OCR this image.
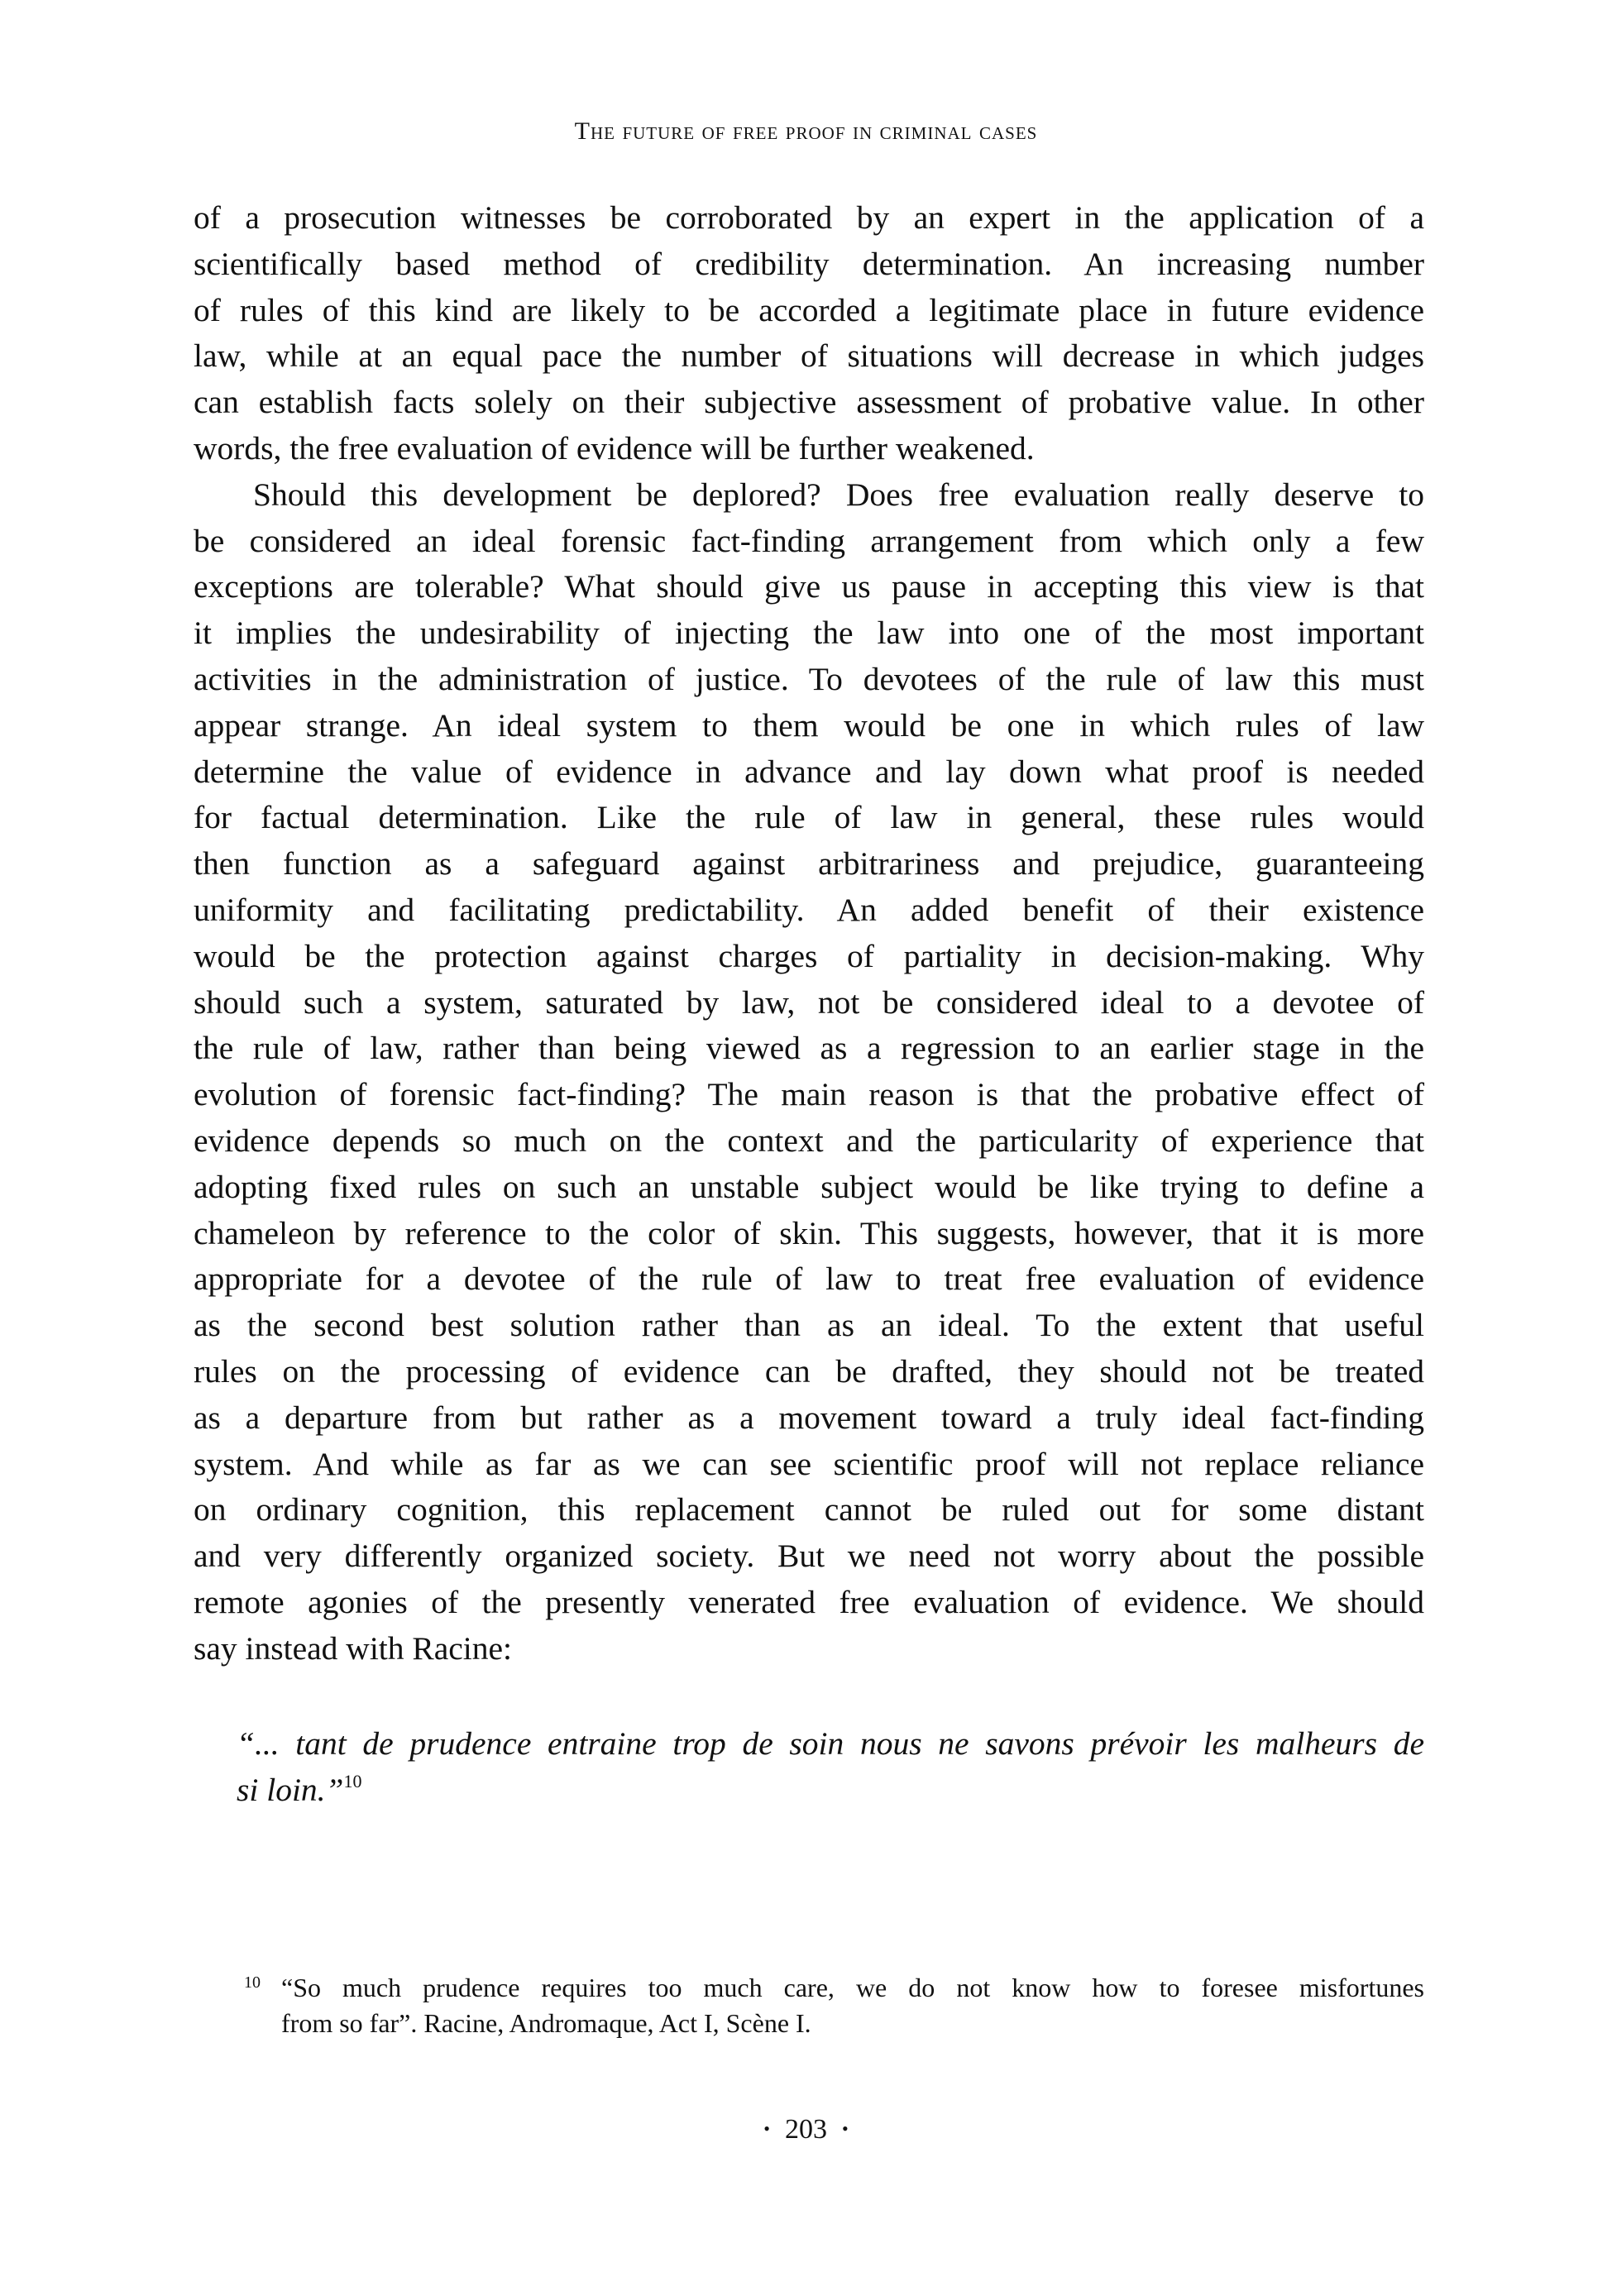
The future of free proof in criminal cases
of a prosecution witnesses be corroborated by an expert in the application of a
scientifically based method of credibility determination. An increasing number
of rules of this kind are likely to be accorded a legitimate place in future evidence
law, while at an equal pace the number of situations will decrease in which judges
can establish facts solely on their subjective assessment of probative value. In other
words, the free evaluation of evidence will be further weakened.
Should this development be deplored? Does free evaluation really deserve to
be considered an ideal forensic fact-finding arrangement from which only a few
exceptions are tolerable? What should give us pause in accepting this view is that
it implies the undesirability of injecting the law into one of the most important
activities in the administration of justice. To devotees of the rule of law this must
appear strange. An ideal system to them would be one in which rules of law
determine the value of evidence in advance and lay down what proof is needed
for factual determination. Like the rule of law in general, these rules would
then function as a safeguard against arbitrariness and prejudice, guaranteeing
uniformity and facilitating predictability. An added benefit of their existence
would be the protection against charges of partiality in decision-making. Why
should such a system, saturated by law, not be considered ideal to a devotee of
the rule of law, rather than being viewed as a regression to an earlier stage in the
evolution of forensic fact-finding? The main reason is that the probative effect of
evidence depends so much on the context and the particularity of experience that
adopting fixed rules on such an unstable subject would be like trying to define a
chameleon by reference to the color of skin. This suggests, however, that it is more
appropriate for a devotee of the rule of law to treat free evaluation of evidence
as the second best solution rather than as an ideal. To the extent that useful
rules on the processing of evidence can be drafted, they should not be treated
as a departure from but rather as a movement toward a truly ideal fact-finding
system. And while as far as we can see scientific proof will not replace reliance
on ordinary cognition, this replacement cannot be ruled out for some distant
and very differently organized society. But we need not worry about the possible
remote agonies of the presently venerated free evaluation of evidence. We should
say instead with Racine:
“... tant de prudence entraine trop de soin nous ne savons prévoir les malheurs de
si loin.”$^{10}$
10 “So much prudence requires too much care, we do not know how to foresee misfortunes
from so far”. Racine, Andromaque, Act I, Scène I.
• 203 •
